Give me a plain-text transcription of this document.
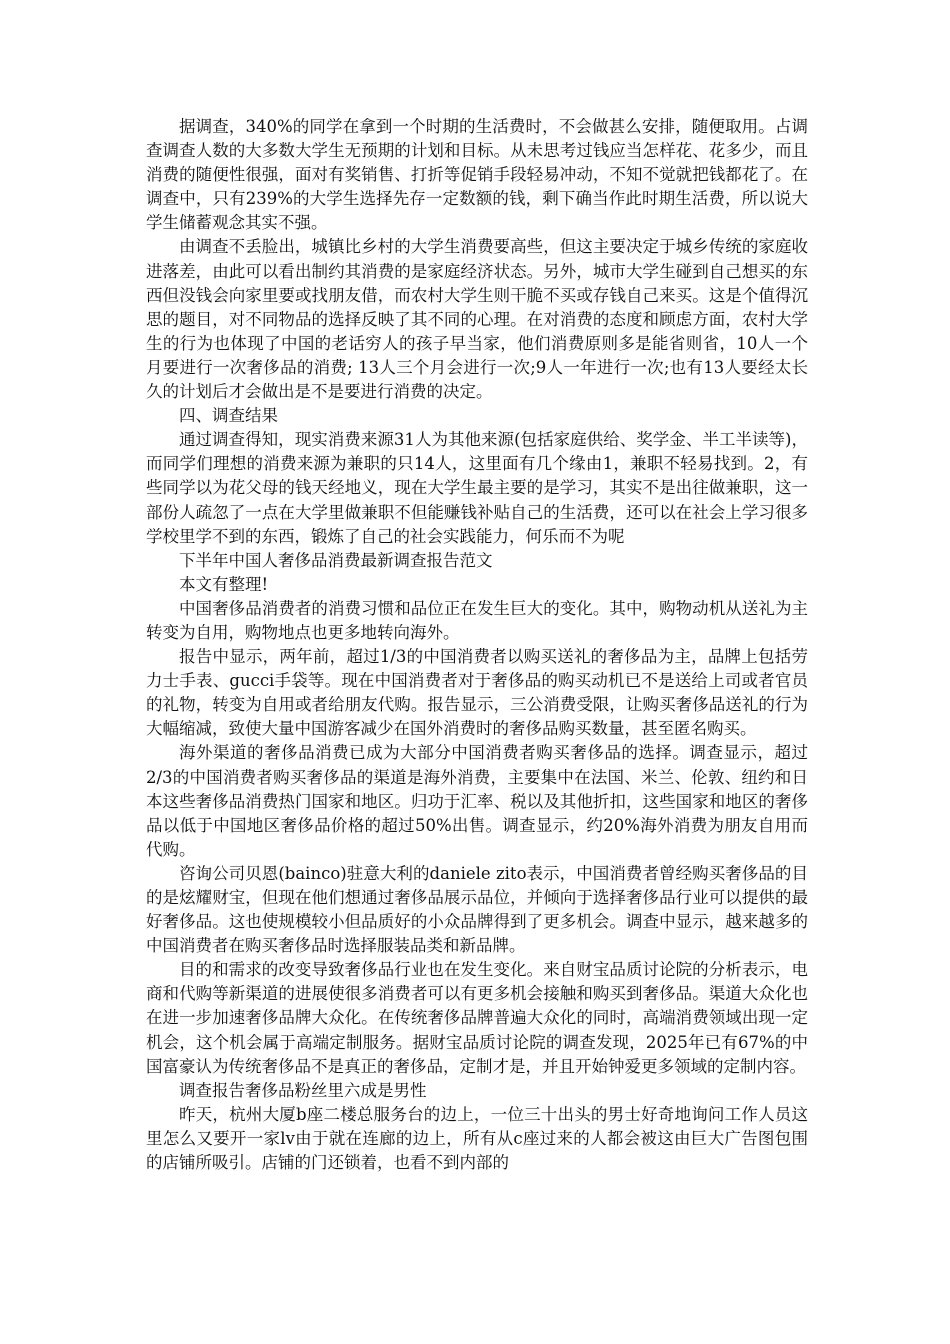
据调查，340%的同学在拿到一个时期的生活费时，不会做甚么安排，随便取用。占调查调查人数的大多数大学生无预期的计划和目标。从未思考过钱应当怎样花、花多少，而且消费的随便性很强，面对有奖销售、打折等促销手段轻易冲动，不知不觉就把钱都花了。在调查中，只有239%的大学生选择先存一定数额的钱，剩下确当作此时期生活费，所以说大学生储蓄观念其实不强。

由调查不丢脸出，城镇比乡村的大学生消费要高些，但这主要决定于城乡传统的家庭收进落差，由此可以看出制约其消费的是家庭经济状态。另外，城市大学生碰到自己想买的东西但没钱会向家里要或找朋友借，而农村大学生则干脆不买或存钱自己来买。这是个值得沉思的题目，对不同物品的选择反映了其不同的心理。在对消费的态度和顾虑方面，农村大学生的行为也体现了中国的老话穷人的孩子早当家，他们消费原则多是能省则省，10人一个月要进行一次奢侈品的消费; 13人三个月会进行一次;9人一年进行一次;也有13人要经太长久的计划后才会做出是不是要进行消费的决定。

四、调查结果

通过调查得知，现实消费来源31人为其他来源(包括家庭供给、奖学金、半工半读等)，而同学们理想的消费来源为兼职的只14人，这里面有几个缘由1，兼职不轻易找到。2，有些同学以为花父母的钱天经地义，现在大学生最主要的是学习，其实不是出往做兼职，这一部份人疏忽了一点在大学里做兼职不但能赚钱补贴自己的生活费，还可以在社会上学习很多学校里学不到的东西，锻炼了自己的社会实践能力，何乐而不为呢

下半年中国人奢侈品消费最新调查报告范文

本文有整理!

中国奢侈品消费者的消费习惯和品位正在发生巨大的变化。其中，购物动机从送礼为主转变为自用，购物地点也更多地转向海外。

报告中显示，两年前，超过1/3的中国消费者以购买送礼的奢侈品为主，品牌上包括劳力士手表、gucci手袋等。现在中国消费者对于奢侈品的购买动机已不是送给上司或者官员的礼物，转变为自用或者给朋友代购。报告显示，三公消费受限，让购买奢侈品送礼的行为大幅缩减，致使大量中国游客减少在国外消费时的奢侈品购买数量，甚至匿名购买。

海外渠道的奢侈品消费已成为大部分中国消费者购买奢侈品的选择。调查显示，超过2/3的中国消费者购买奢侈品的渠道是海外消费，主要集中在法国、米兰、伦敦、纽约和日本这些奢侈品消费热门国家和地区。归功于汇率、税以及其他折扣，这些国家和地区的奢侈品以低于中国地区奢侈品价格的超过50%出售。调查显示，约20%海外消费为朋友自用而代购。

咨询公司贝恩(bainco)驻意大利的daniele zito表示，中国消费者曾经购买奢侈品的目的是炫耀财宝，但现在他们想通过奢侈品展示品位，并倾向于选择奢侈品行业可以提供的最好奢侈品。这也使规模较小但品质好的小众品牌得到了更多机会。调查中显示，越来越多的中国消费者在购买奢侈品时选择服装品类和新品牌。

目的和需求的改变导致奢侈品行业也在发生变化。来自财宝品质讨论院的分析表示，电商和代购等新渠道的进展使很多消费者可以有更多机会接触和购买到奢侈品。渠道大众化也在进一步加速奢侈品牌大众化。在传统奢侈品牌普遍大众化的同时，高端消费领域出现一定机会，这个机会属于高端定制服务。据财宝品质讨论院的调查发现，2025年已有67%的中国富豪认为传统奢侈品不是真正的奢侈品，定制才是，并且开始钟爱更多领域的定制内容。

调查报告奢侈品粉丝里六成是男性

昨天，杭州大厦b座二楼总服务台的边上，一位三十出头的男士好奇地询问工作人员这里怎么又要开一家lv由于就在连廊的边上，所有从c座过来的人都会被这由巨大广告图包围的店铺所吸引。店铺的门还锁着，也看不到内部的
